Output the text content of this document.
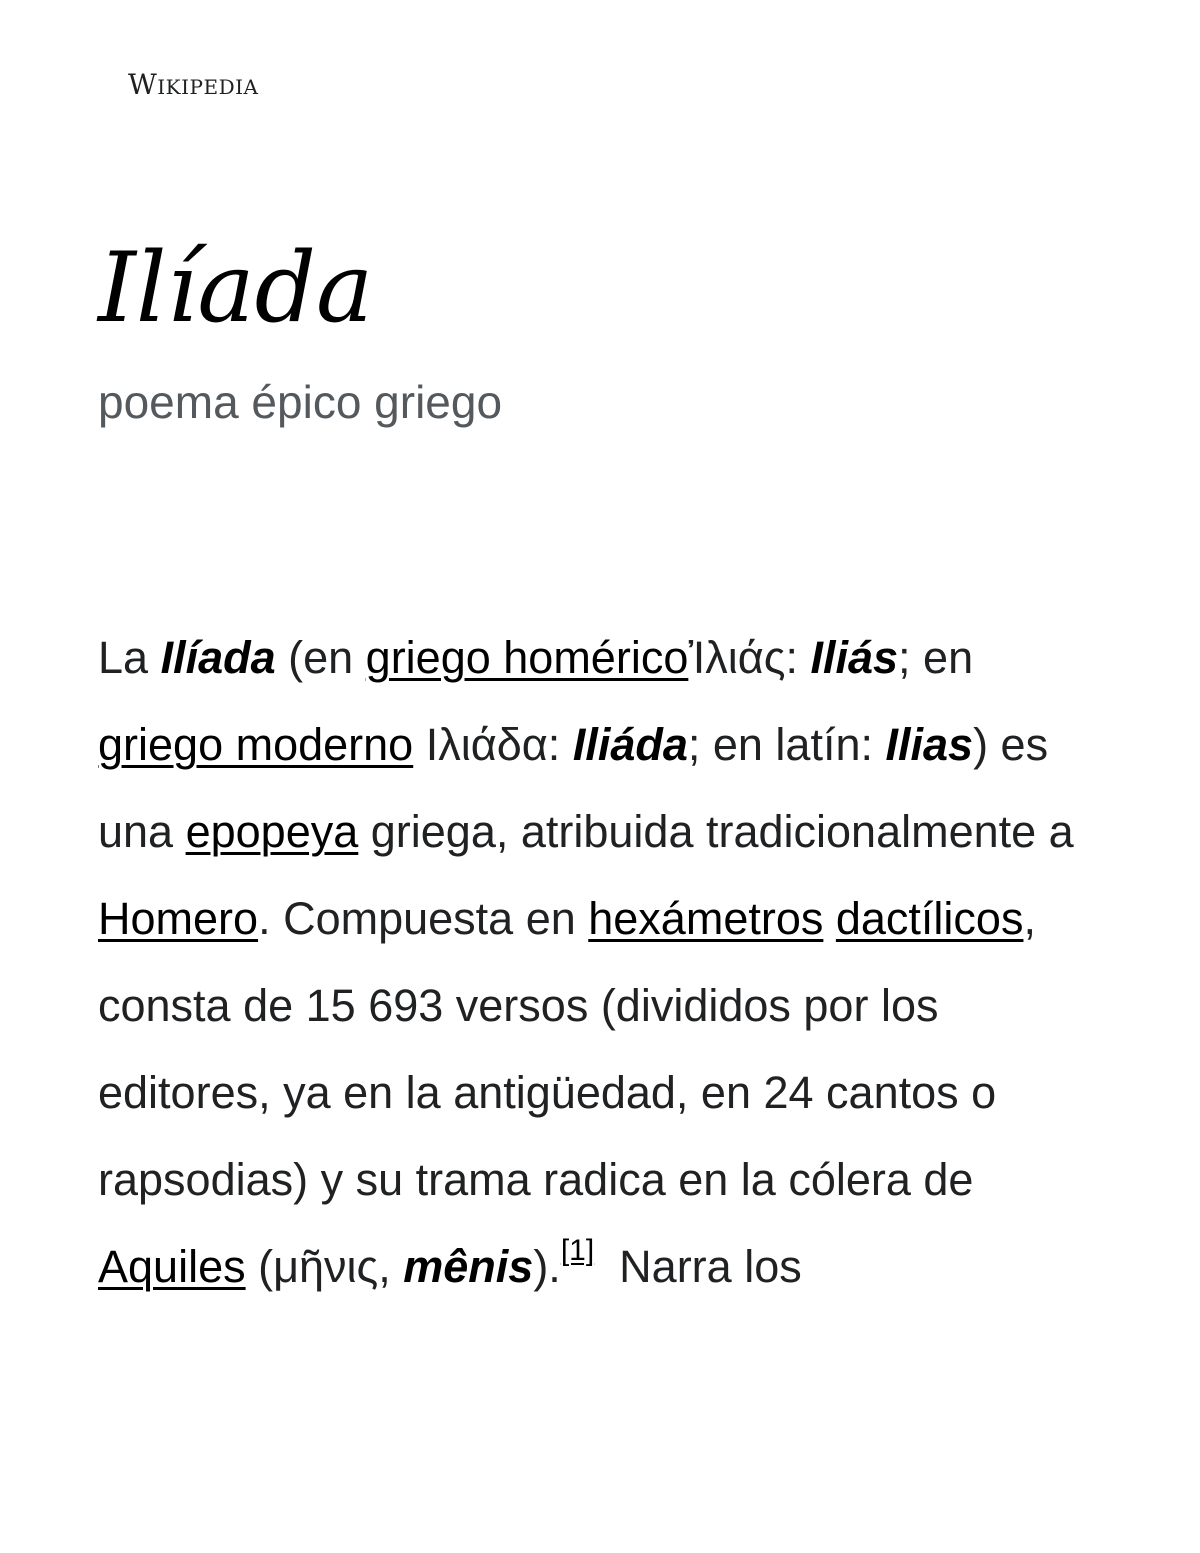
Wikipedia
Ilíada
poema épico griego

La Ilíada (en griego homéricoἸλιάς: Iliás; en griego moderno Ιλιάδα: Iliáda; en latín: Ilias) es una epopeya griega, atribuida tradicionalmente a Homero. Compuesta en hexámetros dactílicos, consta de 15 693 versos (divididos por los editores, ya en la antigüedad, en 24 cantos o rapsodias) y su trama radica en la cólera de Aquiles (μῆνις, mênis).[1]  Narra los
